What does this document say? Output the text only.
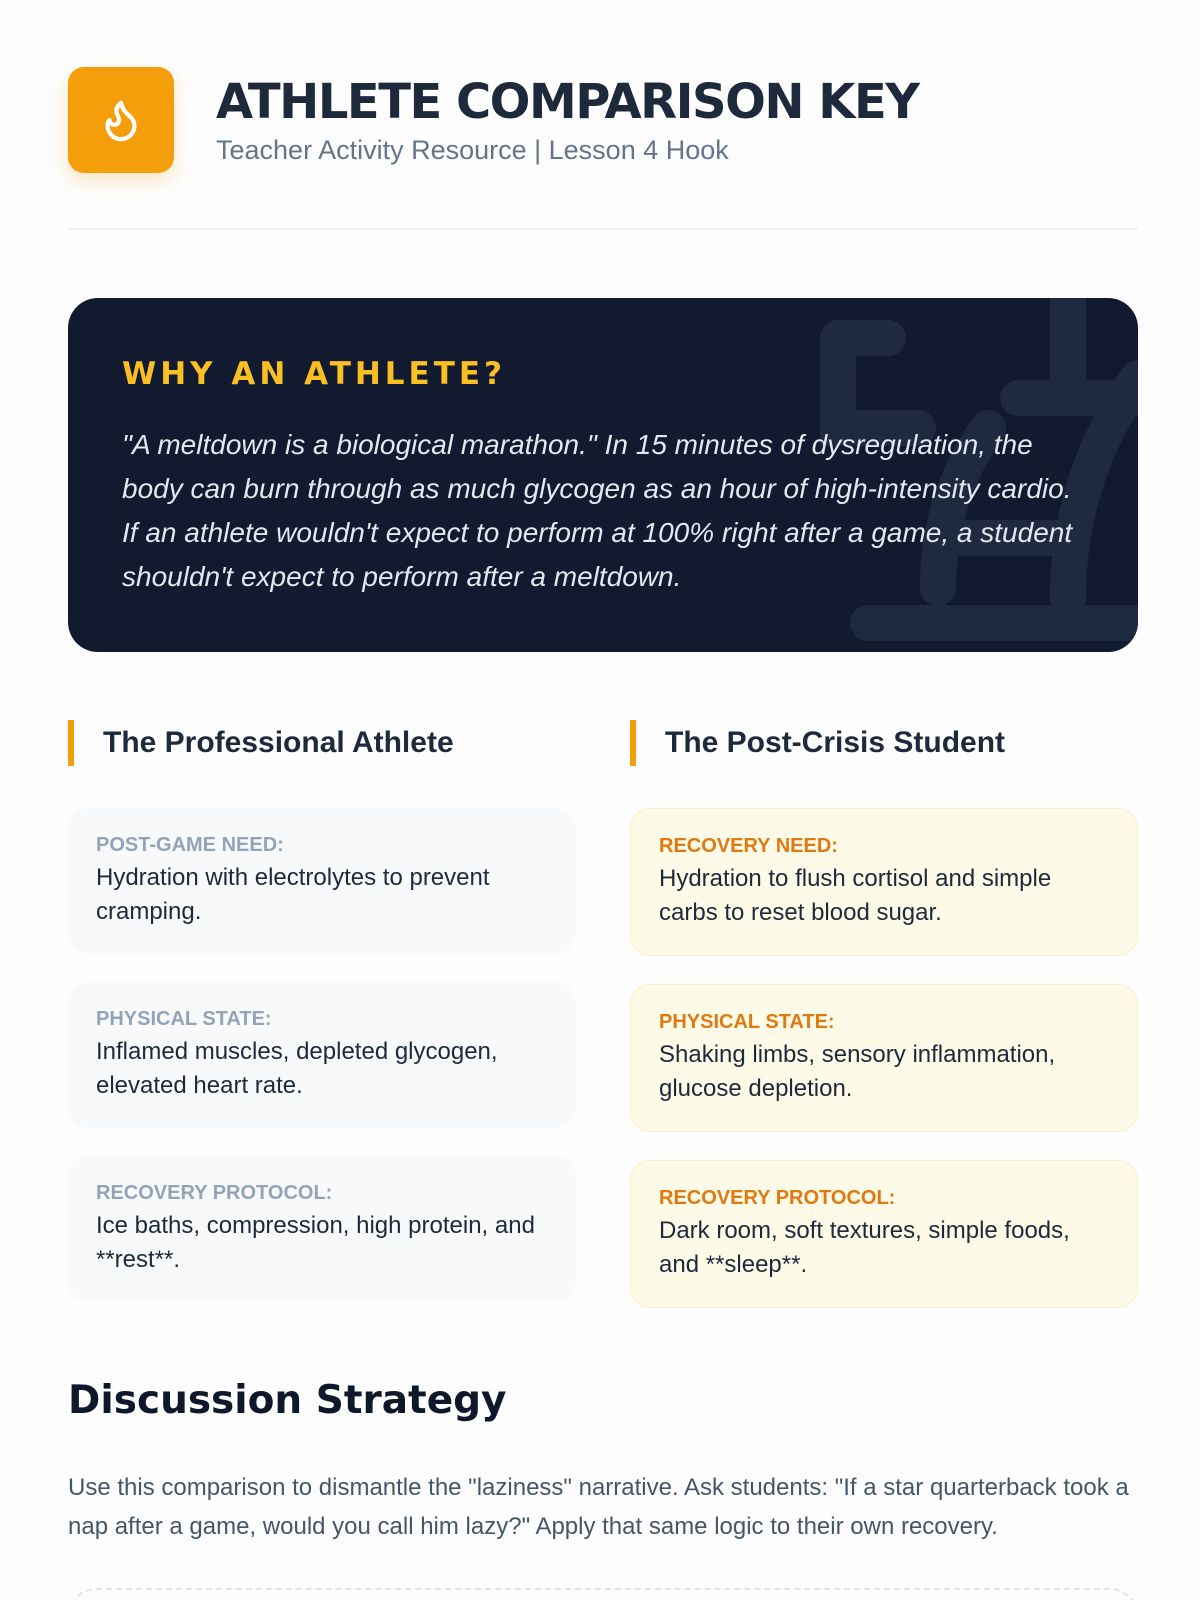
ATHLETE COMPARISON KEY
Teacher Activity Resource | Lesson 4 Hook
WHY AN ATHLETE?
"A meltdown is a biological marathon." In 15 minutes of dysregulation, the body can burn through as much glycogen as an hour of high-intensity cardio. If an athlete wouldn't expect to perform at 100% right after a game, a student shouldn't expect to perform after a meltdown.
The Professional Athlete	The Post-Crisis Student
POST-GAME NEED:
Hydration with electrolytes to prevent cramping.
PHYSICAL STATE:
Inflamed muscles, depleted glycogen, elevated heart rate.
RECOVERY PROTOCOL:
Ice baths, compression, high protein, and **rest**.
RECOVERY NEED:
Hydration to flush cortisol and simple carbs to reset blood sugar.
PHYSICAL STATE:
Shaking limbs, sensory inflammation, glucose depletion.
RECOVERY PROTOCOL:
Dark room, soft textures, simple foods, and **sleep**.
Discussion Strategy
Use this comparison to dismantle the "laziness" narrative. Ask students: "If a star quarterback took a nap after a game, would you call him lazy?" Apply that same logic to their own recovery.
